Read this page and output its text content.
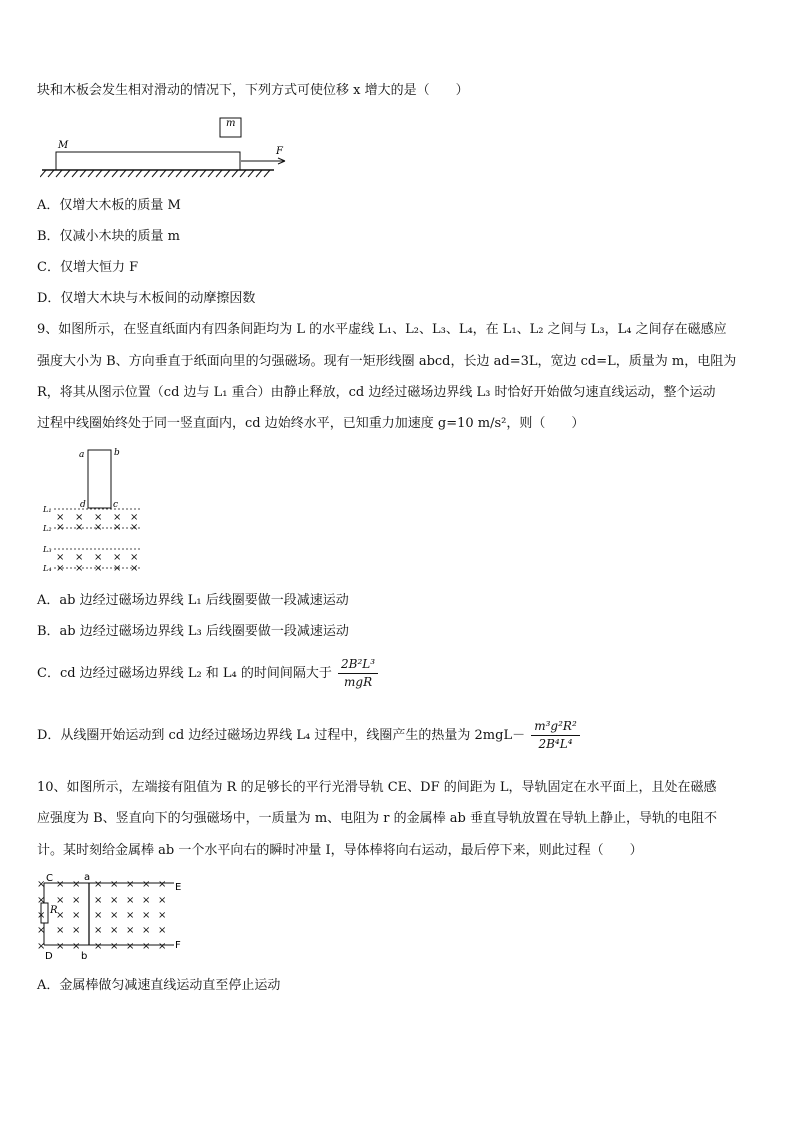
块和木板会发生相对滑动的情况下，下列方式可使位移 x 增大的是（　　）
m
M
F
A．仅增大木板的质量 M
B．仅减小木块的质量 m
C．仅增大恒力 F
D．仅增大木块与木板间的动摩擦因数
9、如图所示，在竖直纸面内有四条间距均为 L 的水平虚线 L₁、L₂、L₃、L₄，在 L₁、L₂ 之间与 L₃，L₄ 之间存在磁感应
强度大小为 B、方向垂直于纸面向里的匀强磁场。现有一矩形线圈 abcd，长边 ad=3L，宽边 cd=L，质量为 m，电阻为
R，将其从图示位置（cd 边与 L₁ 重合）由静止释放，cd 边经过磁场边界线 L₃ 时恰好开始做匀速直线运动，整个运动
过程中线圈始终处于同一竖直面内，cd 边始终水平，已知重力加速度 g=10 m/s²，则（　　）
a	b
d	c
L₁
L₂
L₃
L₄
× × × × ×
× × × × ×
× × × × ×
× × × × ×
A．ab 边经过磁场边界线 L₁ 后线圈要做一段减速运动
B．ab 边经过磁场边界线 L₃ 后线圈要做一段减速运动
C．cd 边经过磁场边界线 L₂ 和 L₄ 的时间间隔大于 $\frac{\text{2B²L³}}{\text{mgR}}$
D．从线圈开始运动到 cd 边经过磁场边界线 L₄ 过程中，线圈产生的热量为 $2mgL- \frac{\text{m³g²R²}}{\text{2B⁴L⁴}}$
10、如图所示，左端接有阻值为 R 的足够长的平行光滑导轨 CE、DF 的间距为 L，导轨固定在水平面上，且处在磁感
应强度为 B、竖直向下的匀强磁场中，一质量为 m、电阻为 r 的金属棒 ab 垂直导轨放置在导轨上静止，导轨的电阻不
计。某时刻给金属棒 ab 一个水平向右的瞬时冲量 I，导体棒将向右运动，最后停下来，则此过程（　　）
R
C
D
E
F
a
b
× × × × × × × ×
× × × × × × × ×
× × × × × × × ×
× × × × × × × ×
× × × × × × × ×
A．金属棒做匀减速直线运动直至停止运动
